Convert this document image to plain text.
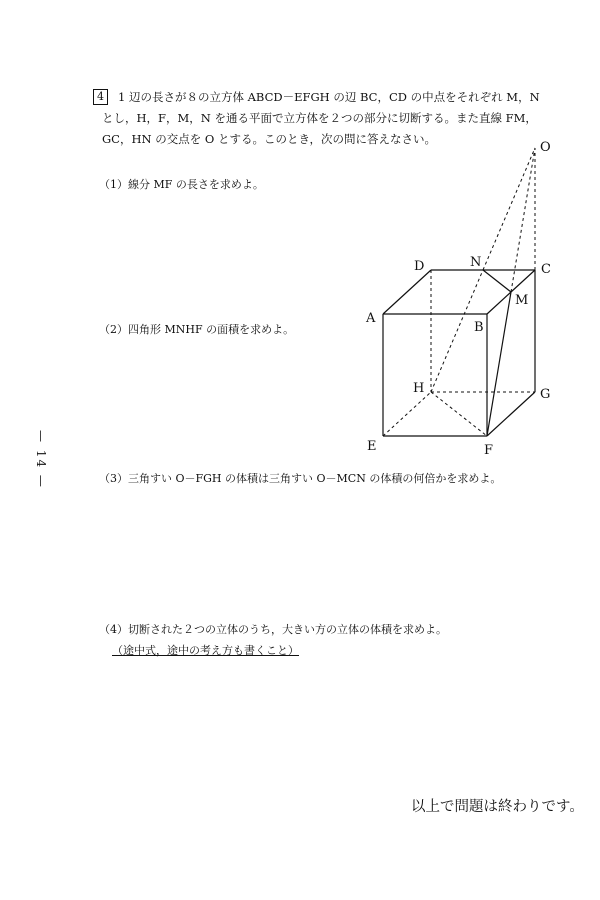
4	1 辺の長さが８の立方体 ABCD－EFGH の辺 BC，CD の中点をそれぞれ M，N
とし，H，F，M，N を通る平面で立方体を２つの部分に切断する。また直線 FM，
GC，HN の交点を O とする。このとき，次の問に答えなさい。
（1）線分 MF の長さを求めよ。
（2）四角形 MNHF の面積を求めよ。
（3）三角すい O－FGH の体積は三角すい O－MCN の体積の何倍かを求めよ。
（4）切断された２つの立体のうち，大きい方の立体の体積を求めよ。
（途中式，途中の考え方も書くこと）
— 14 —
以上で問題は終わりです。
O
D	N	C
M
A
B
H	G
E	F
